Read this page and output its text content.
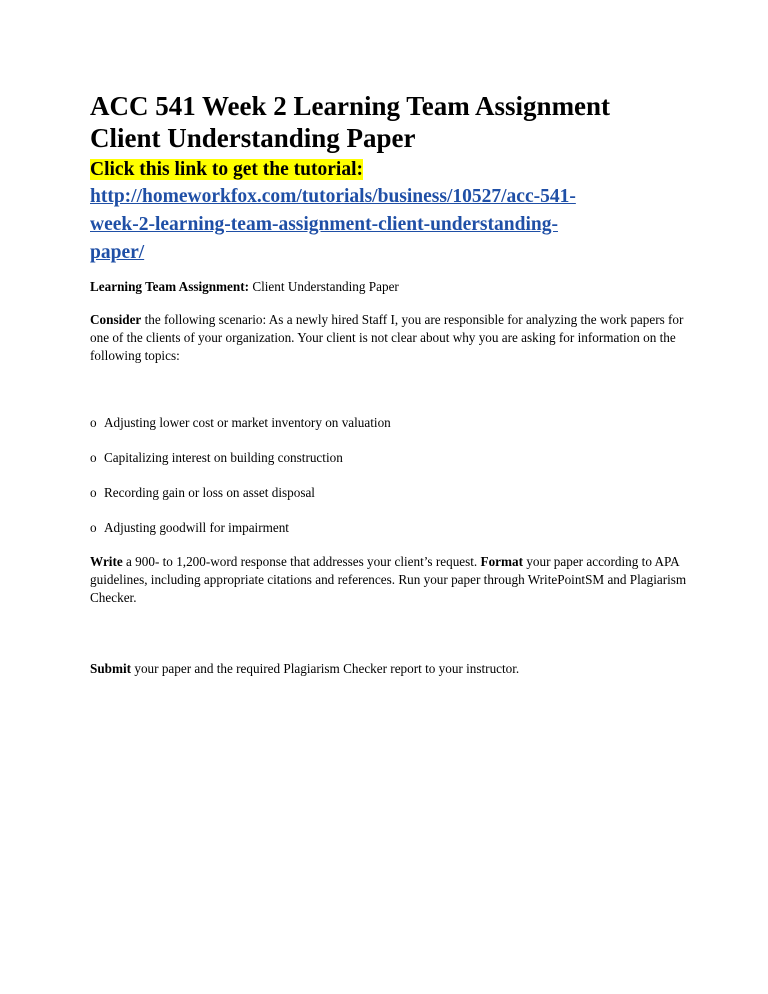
ACC 541 Week 2 Learning Team Assignment
Client Understanding Paper
Click this link to get the tutorial:
http://homeworkfox.com/tutorials/business/10527/acc-541-
week-2-learning-team-assignment-client-understanding-
paper/

Learning Team Assignment: Client Understanding Paper

Consider the following scenario: As a newly hired Staff I, you are responsible for analyzing the work papers for one of the clients of your organization. Your client is not clear about why you are asking for information on the following topics:

o Adjusting lower cost or market inventory on valuation
o Capitalizing interest on building construction
o Recording gain or loss on asset disposal
o Adjusting goodwill for impairment

Write a 900- to 1,200-word response that addresses your client’s request. Format your paper according to APA guidelines, including appropriate citations and references. Run your paper through WritePointSM and Plagiarism Checker.

Submit your paper and the required Plagiarism Checker report to your instructor.
